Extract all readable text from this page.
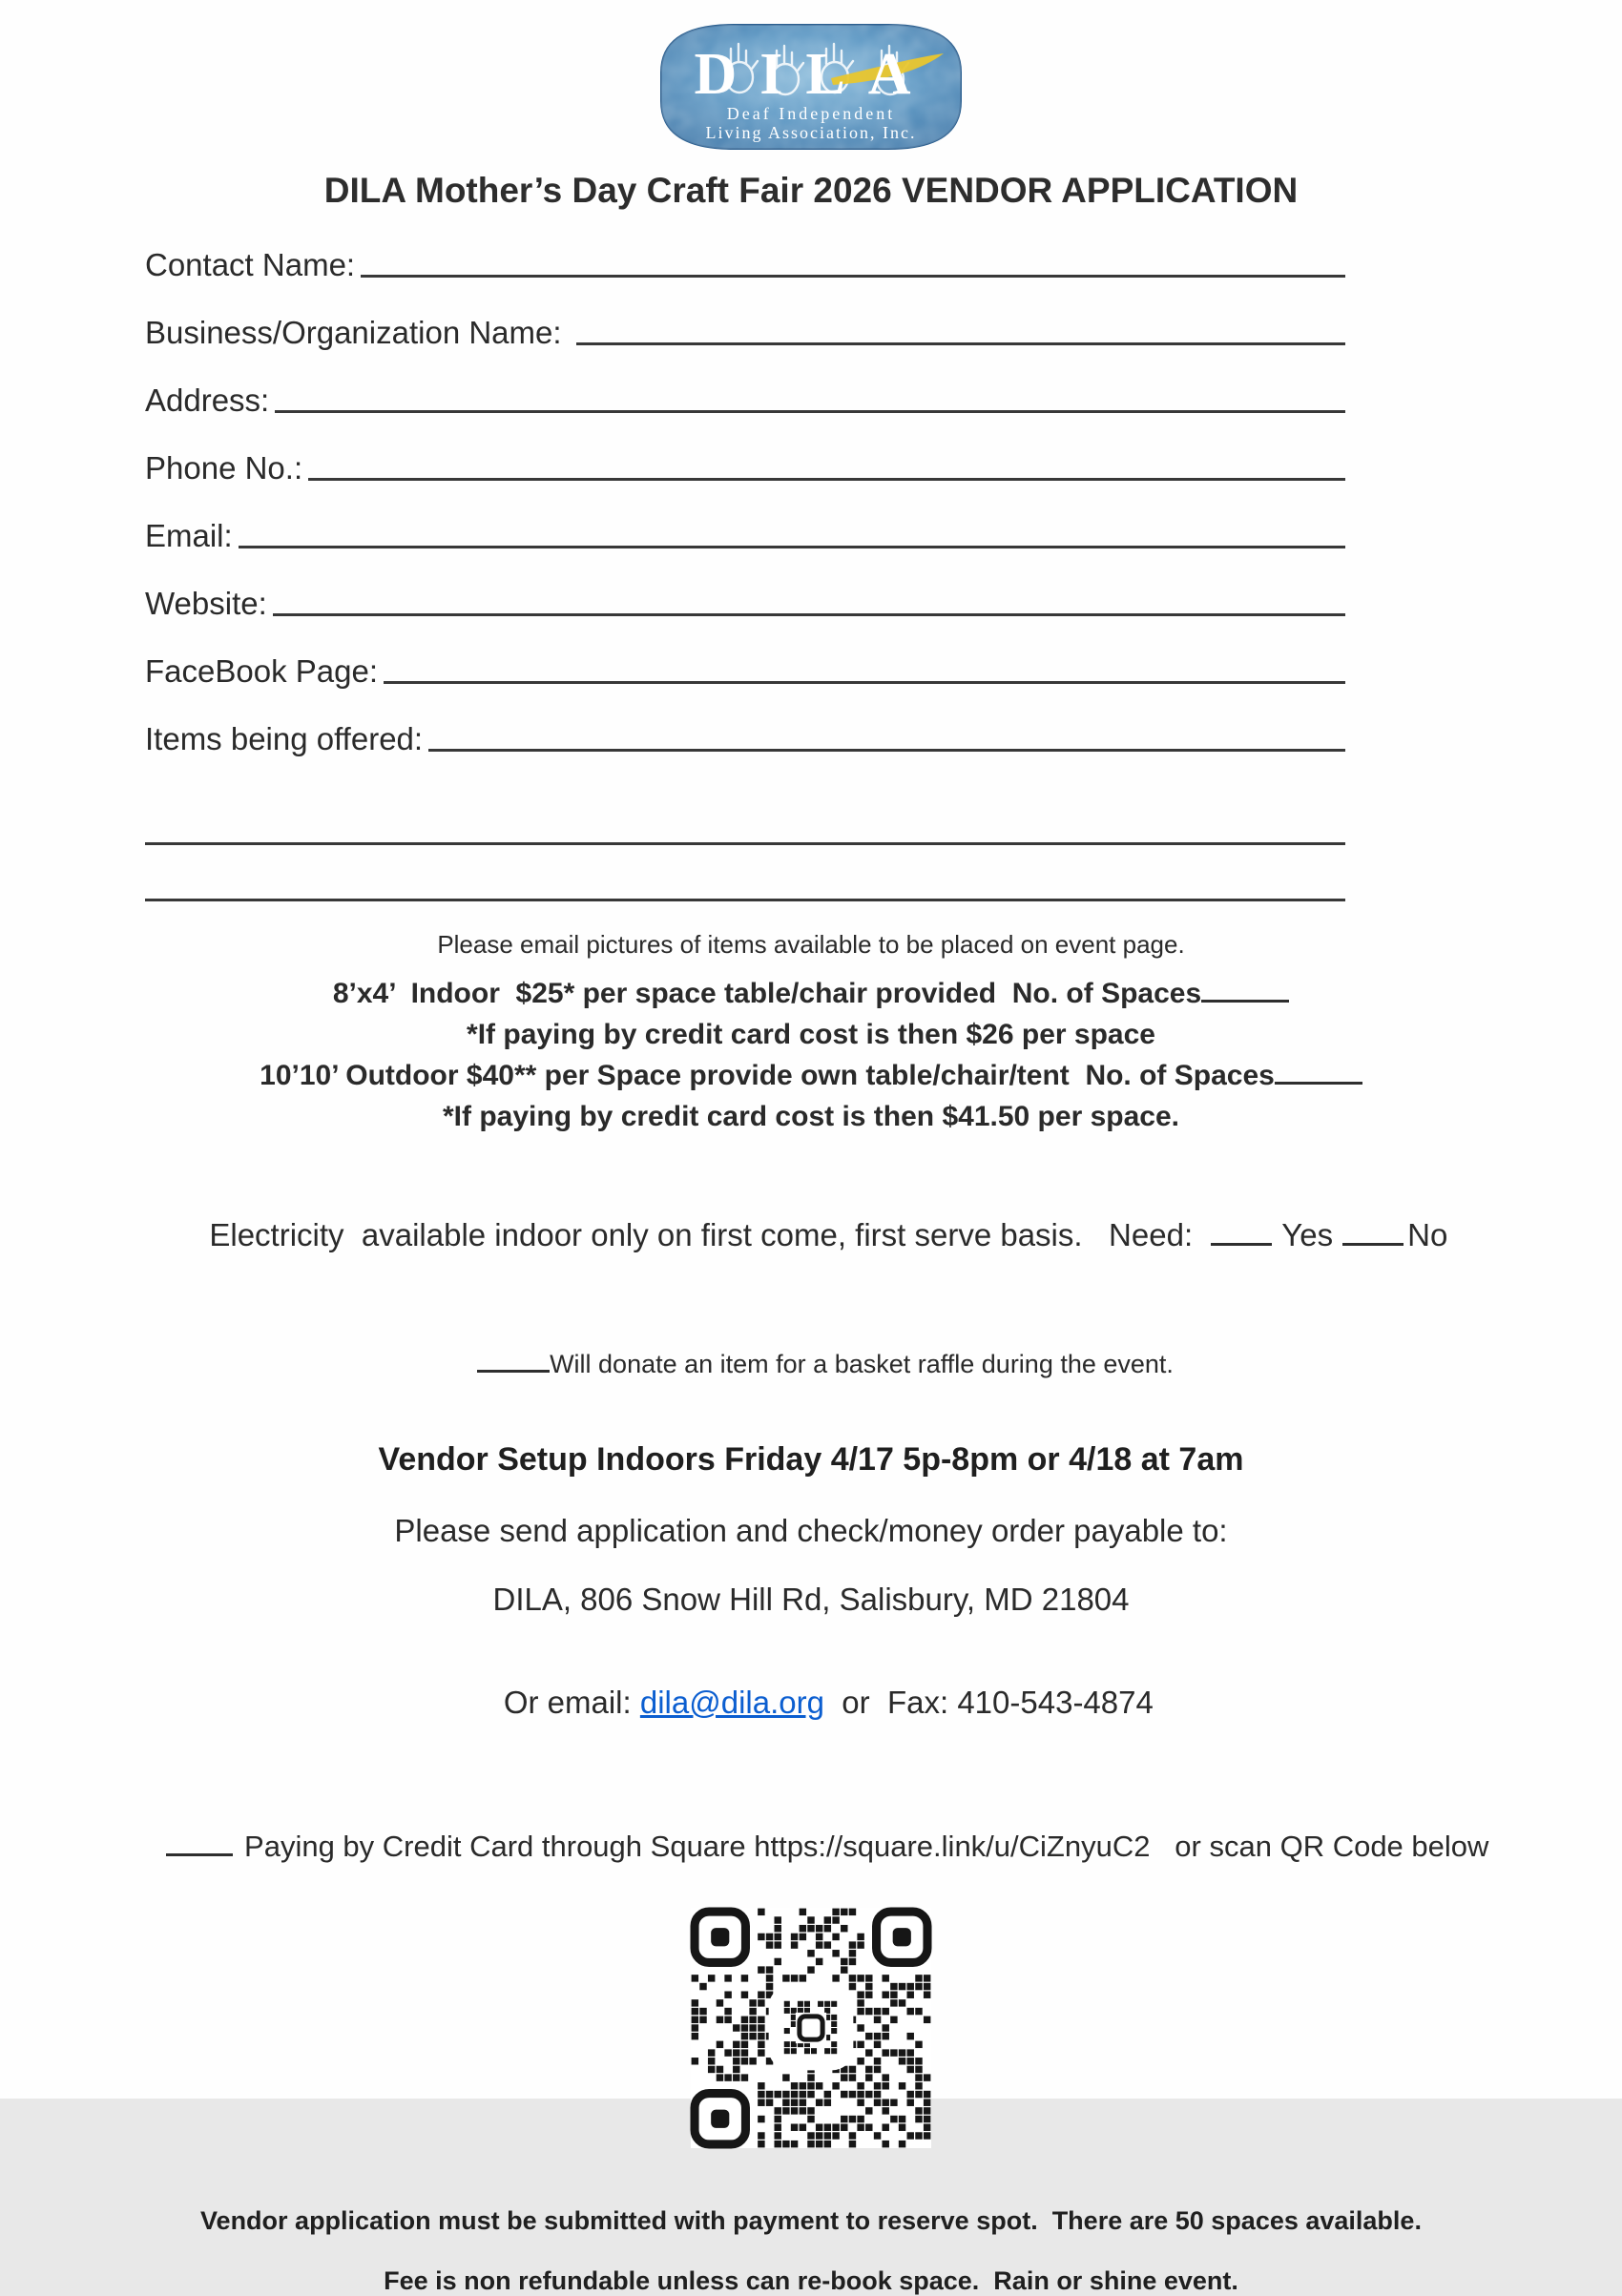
DILA
Deaf Independent
Living Association, Inc.
DILA Mother’s Day Craft Fair 2026 VENDOR APPLICATION
Contact Name:
Business/Organization Name:
Address:
Phone No.:
Email:
Website:
FaceBook Page:
Items being offered:
Please email pictures of items available to be placed on event page.
8’x4’  Indoor  $25* per space table/chair provided  No. of Spaces
*If paying by credit card cost is then $26 per space
10’10’ Outdoor $40** per Space provide own table/chair/tent  No. of Spaces
*If paying by credit card cost is then $41.50 per space.

Electricity  available indoor only on first come, first serve basis.   Need:	Yes No

Will donate an item for a basket raffle during the event.

Vendor Setup Indoors Friday 4/17 5p-8pm or 4/18 at 7am
Please send application and check/money order payable to:
DILA, 806 Snow Hill Rd, Salisbury, MD 21804

Or email: dila@dila.org  or  Fax: 410-543-4874

Paying by Credit Card through Square https://square.link/u/CiZnyuC2   or scan QR Code below

Vendor application must be submitted with payment to reserve spot.  There are 50 spaces available.
Fee is non refundable unless can re-book space.  Rain or shine event.
